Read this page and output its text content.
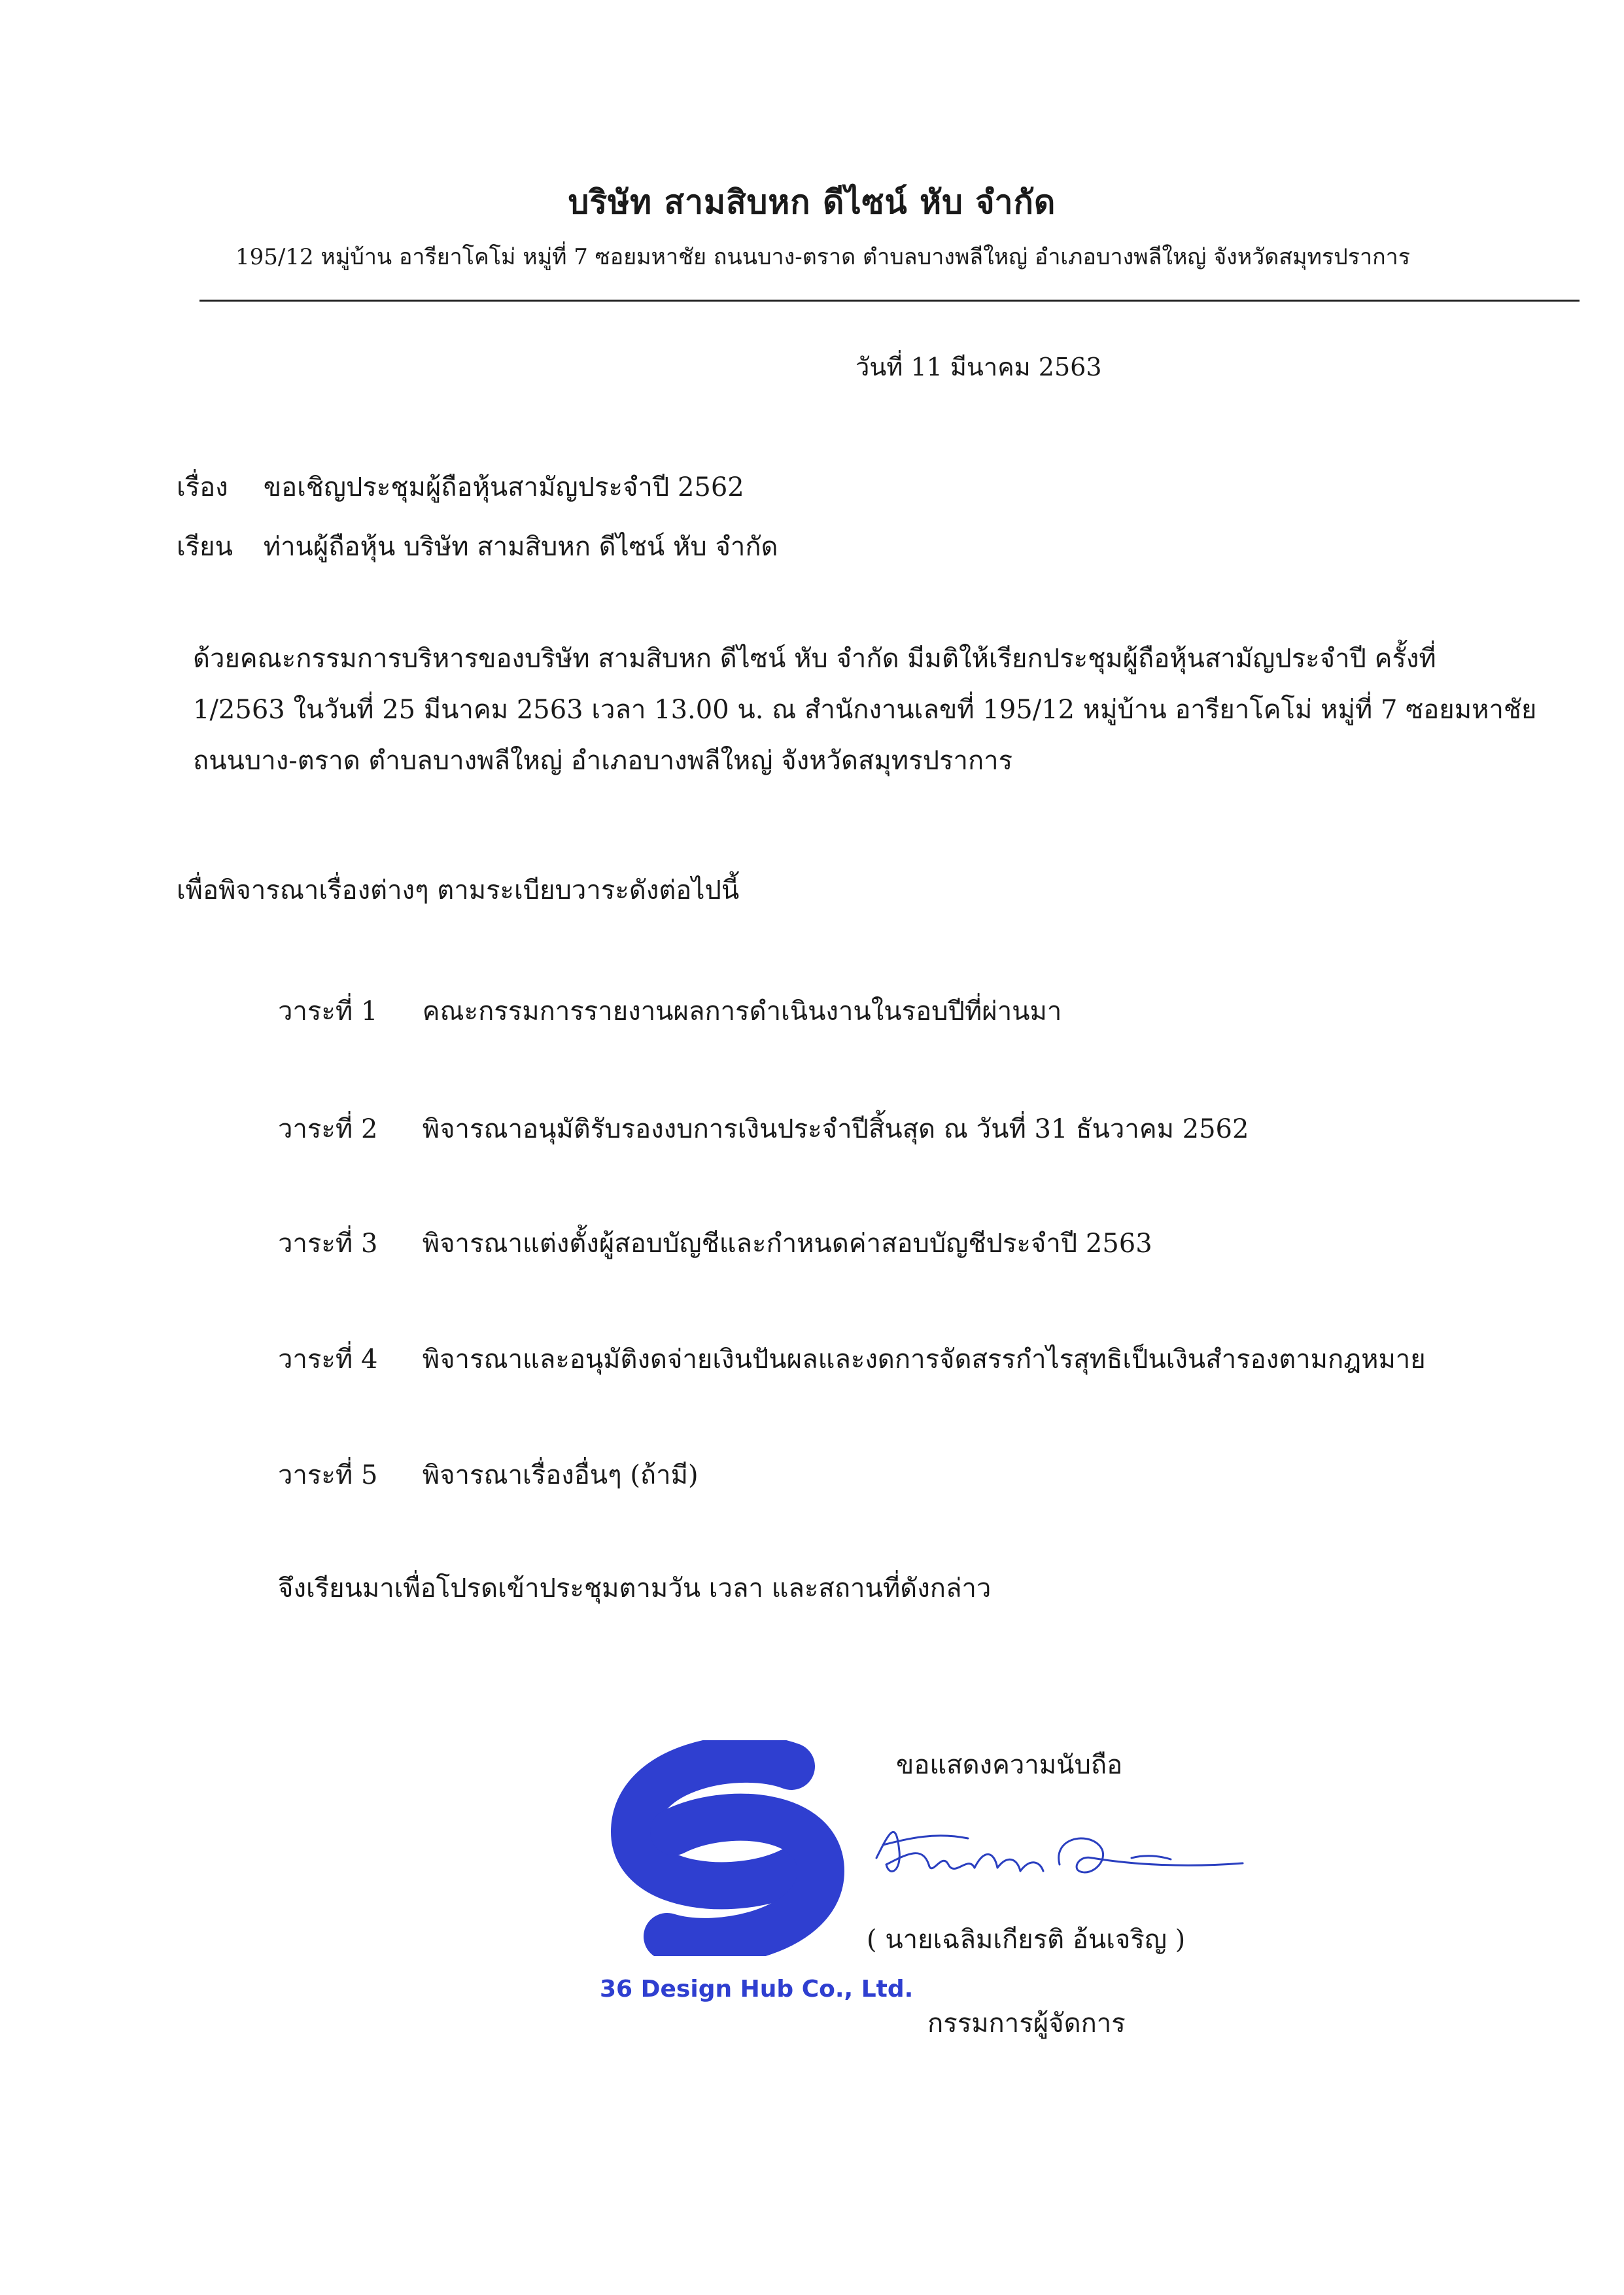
บริษัท สามสิบหก ดีไซน์ หับ จำกัด
195/12 หมู่บ้าน อารียาโคโม่ หมู่ที่ 7 ซอยมหาชัย ถนนบาง-ตราด ตำบลบางพลีใหญ่ อำเภอบางพลีใหญ่ จังหวัดสมุทรปราการ
วันที่ 11 มีนาคม 2563
เรื่อง ขอเชิญประชุมผู้ถือหุ้นสามัญประจำปี 2562
เรียน ท่านผู้ถือหุ้น บริษัท สามสิบหก ดีไซน์ หับ จำกัด
ด้วยคณะกรรมการบริหารของบริษัท สามสิบหก ดีไซน์ หับ จำกัด มีมติให้เรียกประชุมผู้ถือหุ้นสามัญประจำปี ครั้งที่
1/2563 ในวันที่ 25 มีนาคม 2563 เวลา 13.00 น. ณ สำนักงานเลขที่ 195/12 หมู่บ้าน อารียาโคโม่ หมู่ที่ 7 ซอยมหาชัย
ถนนบาง-ตราด ตำบลบางพลีใหญ่ อำเภอบางพลีใหญ่ จังหวัดสมุทรปราการ
เพื่อพิจารณาเรื่องต่างๆ ตามระเบียบวาระดังต่อไปนี้
วาระที่ 1 คณะกรรมการรายงานผลการดำเนินงานในรอบปีที่ผ่านมา
วาระที่ 2 พิจารณาอนุมัติรับรองงบการเงินประจำปีสิ้นสุด ณ วันที่ 31 ธันวาคม 2562
วาระที่ 3 พิจารณาแต่งตั้งผู้สอบบัญชีและกำหนดค่าสอบบัญชีประจำปี 2563
วาระที่ 4 พิจารณาและอนุมัติงดจ่ายเงินปันผลและงดการจัดสรรกำไรสุทธิเป็นเงินสำรองตามกฎหมาย
วาระที่ 5 พิจารณาเรื่องอื่นๆ (ถ้ามี)
จึงเรียนมาเพื่อโปรดเข้าประชุมตามวัน เวลา และสถานที่ดังกล่าว
ขอแสดงความนับถือ
36 Design Hub Co., Ltd.
( นายเฉลิมเกียรติ อ้นเจริญ )
กรรมการผู้จัดการ
